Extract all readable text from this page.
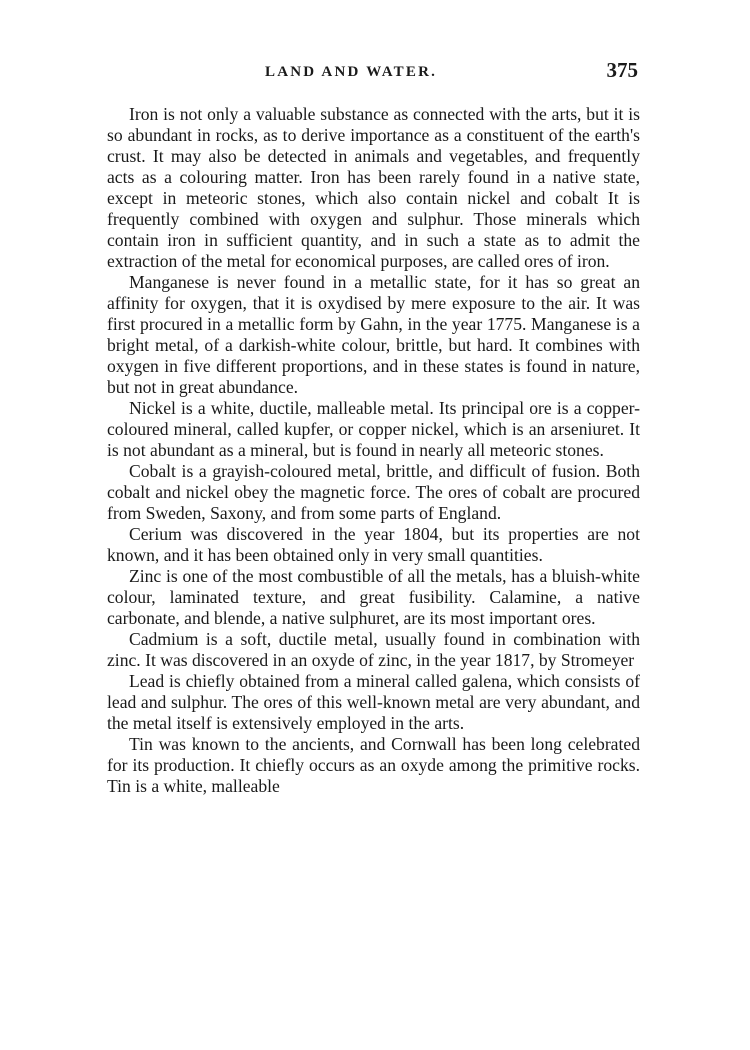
LAND AND WATER.	375

Iron is not only a valuable substance as connected with the arts, but it is so abundant in rocks, as to derive importance as a constituent of the earth's crust. It may also be detected in animals and vegetables, and frequently acts as a colouring matter. Iron has been rarely found in a native state, except in meteoric stones, which also contain nickel and cobalt It is frequently combined with oxygen and sulphur. Those minerals which contain iron in sufficient quantity, and in such a state as to admit the extraction of the metal for economical purposes, are called ores of iron.

Manganese is never found in a metallic state, for it has so great an affinity for oxygen, that it is oxydised by mere exposure to the air. It was first procured in a metallic form by Gahn, in the year 1775. Manganese is a bright metal, of a darkish-white colour, brittle, but hard. It combines with oxygen in five different proportions, and in these states is found in nature, but not in great abundance.

Nickel is a white, ductile, malleable metal. Its principal ore is a copper-coloured mineral, called kupfer, or copper nickel, which is an arseniuret. It is not abundant as a mineral, but is found in nearly all meteoric stones.

Cobalt is a grayish-coloured metal, brittle, and difficult of fusion. Both cobalt and nickel obey the magnetic force. The ores of cobalt are procured from Sweden, Saxony, and from some parts of England.

Cerium was discovered in the year 1804, but its properties are not known, and it has been obtained only in very small quantities.

Zinc is one of the most combustible of all the metals, has a bluish-white colour, laminated texture, and great fusibility. Calamine, a native carbonate, and blende, a native sulphuret, are its most important ores.

Cadmium is a soft, ductile metal, usually found in combination with zinc. It was discovered in an oxyde of zinc, in the year 1817, by Stromeyer

Lead is chiefly obtained from a mineral called galena, which consists of lead and sulphur. The ores of this well-known metal are very abundant, and the metal itself is extensively employed in the arts.

Tin was known to the ancients, and Cornwall has been long celebrated for its production. It chiefly occurs as an oxyde among the primitive rocks. Tin is a white, malleable
